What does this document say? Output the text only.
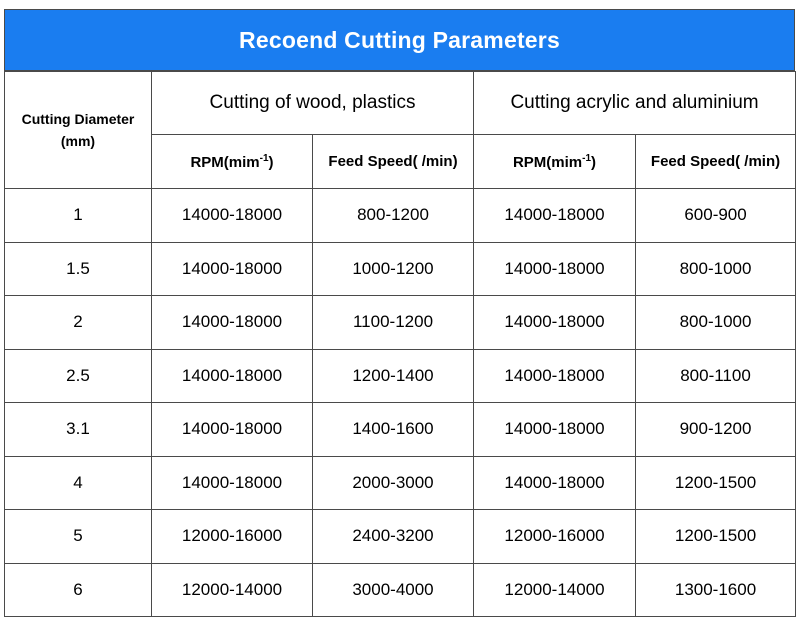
Recoend Cutting Parameters
Cutting Diameter (mm)	Cutting of wood, plastics		Cutting acrylic and aluminium	
	RPM(mim$^{-1}$)	Feed Speed( /min)	RPM(mim$^{-1}$)	Feed Speed( /min)
1	14000-18000	800-1200	14000-18000	600-900
1.5	14000-18000	1000-1200	14000-18000	800-1000
2	14000-18000	1100-1200	14000-18000	800-1000
2.5	14000-18000	1200-1400	14000-18000	800-1100
3.1	14000-18000	1400-1600	14000-18000	900-1200
4	14000-18000	2000-3000	14000-18000	1200-1500
5	12000-16000	2400-3200	12000-16000	1200-1500
6	12000-14000	3000-4000	12000-14000	1300-1600
